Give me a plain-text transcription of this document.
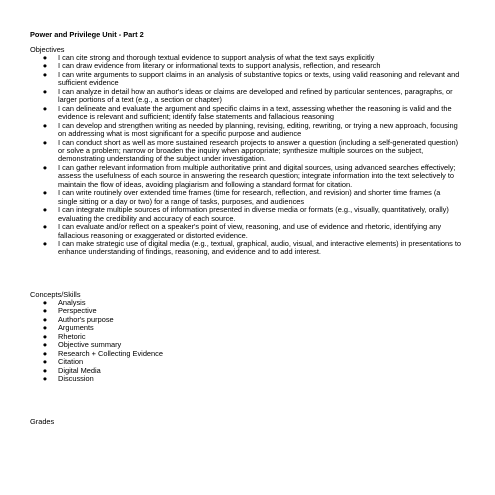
Power and Privilege Unit - Part 2
Objectives
●	I can cite strong and thorough textual evidence to support analysis of what the text says explicitly
●	I can draw evidence from literary or informational texts to support analysis, reflection, and research
●	I can write arguments to support claims in an analysis of substantive topics or texts, using valid reasoning and relevant and sufficient evidence
●	I can analyze in detail how an author's ideas or claims are developed and refined by particular sentences, paragraphs, or larger portions of a text (e.g., a section or chapter)
●	I can delineate and evaluate the argument and specific claims in a text, assessing whether the reasoning is valid and the evidence is relevant and sufficient; identify false statements and fallacious reasoning
●	I can develop and strengthen writing as needed by planning, revising, editing, rewriting, or trying a new approach, focusing on addressing what is most significant for a specific purpose and audience
●	I can conduct short as well as more sustained research projects to answer a question (including a self-generated question) or solve a problem; narrow or broaden the inquiry when appropriate; synthesize multiple sources on the subject, demonstrating understanding of the subject under investigation.
●	I can gather relevant information from multiple authoritative print and digital sources, using advanced searches effectively; assess the usefulness of each source in answering the research question; integrate information into the text selectively to maintain the flow of ideas, avoiding plagiarism and following a standard format for citation.
●	I can write routinely over extended time frames (time for research, reflection, and revision) and shorter time frames (a single sitting or a day or two) for a range of tasks, purposes, and audiences
●	I can integrate multiple sources of information presented in diverse media or formats (e.g., visually, quantitatively, orally) evaluating the credibility and accuracy of each source.
●	I can evaluate and/or reflect on a speaker's point of view, reasoning, and use of evidence and rhetoric, identifying any fallacious reasoning or exaggerated or distorted evidence.
●	I can make strategic use of digital media (e.g., textual, graphical, audio, visual, and interactive elements) in presentations to enhance understanding of findings, reasoning, and evidence and to add interest.
Concepts/Skills
●	Analysis
●	Perspective
●	Author's purpose
●	Arguments
●	Rhetoric
●	Objective summary
●	Research + Collecting Evidence
●	Citation
●	Digital Media
●	Discussion
Grades
